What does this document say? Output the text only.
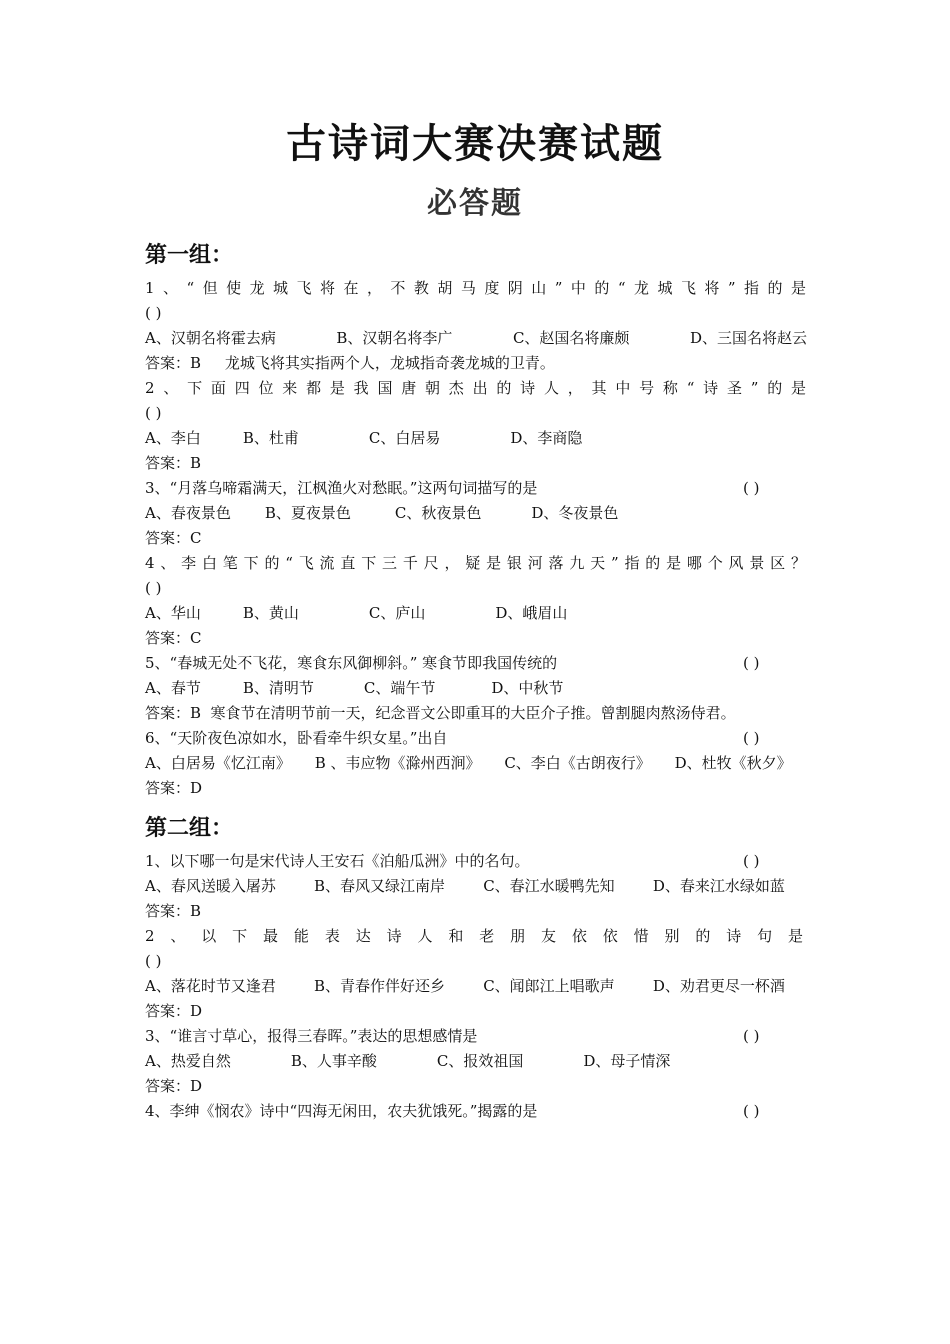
古诗词大赛决赛试题
必答题
第一组：
1、“但使龙城飞将在，不教胡马度阴山”中的“龙城飞将”指的是
( )
A、汉朝名将霍去病	B、汉朝名将李广	C、赵国名将廉颇	D、三国名将赵云
答案：B     龙城飞将其实指两个人，龙城指奇袭龙城的卫青。
2、下面四位来都是我国唐朝杰出的诗人，其中号称“诗圣”的是
( )
A、李白	B、杜甫	C、白居易	D、李商隐
答案：B
3、“月落乌啼霜满天，江枫渔火对愁眠。”这两句词描写的是	( )
A、春夜景色 B、夏夜景色	C、秋夜景色	D、冬夜景色
答案：C
4、李白笔下的“飞流直下三千尺，疑是银河落九天”指的是哪个风景区？
( )
A、华山	B、黄山	C、庐山	D、峨眉山
答案：C
5、“春城无处不飞花，寒食东风御柳斜。” 寒食节即我国传统的	( )
A、春节	B、清明节	C、端午节	D、中秋节
答案：B  寒食节在清明节前一天，纪念晋文公即重耳的大臣介子推。曾割腿肉熬汤侍君。
6、“天阶夜色凉如水，卧看牵牛织女星。”出自	( )
A、白居易《忆江南》 B 、韦应物《滁州西涧》 C、李白《古朗夜行》 D、杜牧《秋夕》
答案：D
第二组：
1、以下哪一句是宋代诗人王安石《泊船瓜洲》中的名句。	( )
A、春风送暖入屠苏	B、春风又绿江南岸	C、春江水暖鸭先知	D、春来江水绿如蓝
答案：B
2、以下最能表达诗人和老朋友依依惜别的诗句是
( )
A、落花时节又逢君	B、青春作伴好还乡	C、闻郎江上唱歌声	D、劝君更尽一杯酒
答案：D
3、“谁言寸草心，报得三春晖。”表达的思想感情是	( )
A、热爱自然	B、人事辛酸	C、报效祖国	D、母子情深
答案：D
4、李绅《悯农》诗中“四海无闲田，农夫犹饿死。”揭露的是	( )
